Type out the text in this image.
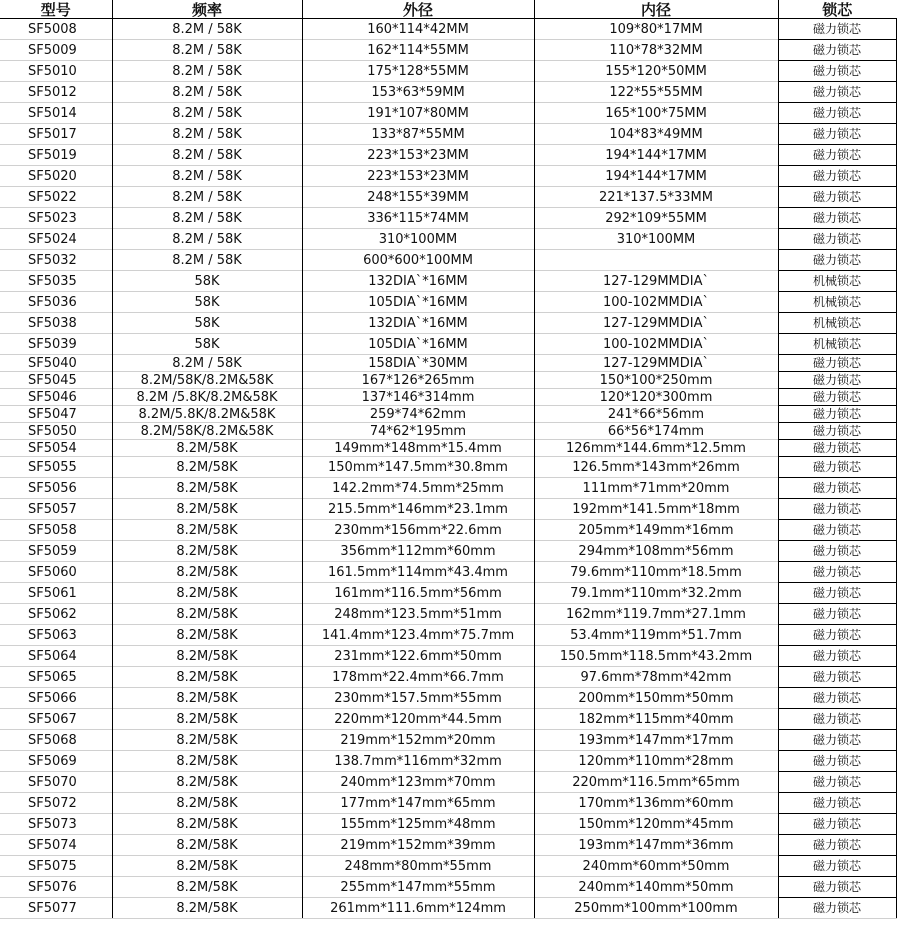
型号	频率	外径	内径	锁芯
SF5008	8.2M / 58K	160*114*42MM	109*80*17MM	磁力锁芯
SF5009	8.2M / 58K	162*114*55MM	110*78*32MM	磁力锁芯
SF5010	8.2M / 58K	175*128*55MM	155*120*50MM	磁力锁芯
SF5012	8.2M / 58K	153*63*59MM	122*55*55MM	磁力锁芯
SF5014	8.2M / 58K	191*107*80MM	165*100*75MM	磁力锁芯
SF5017	8.2M / 58K	133*87*55MM	104*83*49MM	磁力锁芯
SF5019	8.2M / 58K	223*153*23MM	194*144*17MM	磁力锁芯
SF5020	8.2M / 58K	223*153*23MM	194*144*17MM	磁力锁芯
SF5022	8.2M / 58K	248*155*39MM	221*137.5*33MM	磁力锁芯
SF5023	8.2M / 58K	336*115*74MM	292*109*55MM	磁力锁芯
SF5024	8.2M / 58K	310*100MM	310*100MM	磁力锁芯
SF5032	8.2M / 58K	600*600*100MM		磁力锁芯
SF5035	58K	132DIA`*16MM	127-129MMDIA`	机械锁芯
SF5036	58K	105DIA`*16MM	100-102MMDIA`	机械锁芯
SF5038	58K	132DIA`*16MM	127-129MMDIA`	机械锁芯
SF5039	58K	105DIA`*16MM	100-102MMDIA`	机械锁芯
SF5040	8.2M / 58K	158DIA`*30MM	127-129MMDIA`	磁力锁芯
SF5045	8.2M/58K/8.2M&58K	167*126*265mm	150*100*250mm	磁力锁芯
SF5046	8.2M /5.8K/8.2M&58K	137*146*314mm	120*120*300mm	磁力锁芯
SF5047	8.2M/5.8K/8.2M&58K	259*74*62mm	241*66*56mm	磁力锁芯
SF5050	8.2M/58K/8.2M&58K	74*62*195mm	66*56*174mm	磁力锁芯
SF5054	8.2M/58K	149mm*148mm*15.4mm	126mm*144.6mm*12.5mm	磁力锁芯
SF5055	8.2M/58K	150mm*147.5mm*30.8mm	126.5mm*143mm*26mm	磁力锁芯
SF5056	8.2M/58K	142.2mm*74.5mm*25mm	111mm*71mm*20mm	磁力锁芯
SF5057	8.2M/58K	215.5mm*146mm*23.1mm	192mm*141.5mm*18mm	磁力锁芯
SF5058	8.2M/58K	230mm*156mm*22.6mm	205mm*149mm*16mm	磁力锁芯
SF5059	8.2M/58K	356mm*112mm*60mm	294mm*108mm*56mm	磁力锁芯
SF5060	8.2M/58K	161.5mm*114mm*43.4mm	79.6mm*110mm*18.5mm	磁力锁芯
SF5061	8.2M/58K	161mm*116.5mm*56mm	79.1mm*110mm*32.2mm	磁力锁芯
SF5062	8.2M/58K	248mm*123.5mm*51mm	162mm*119.7mm*27.1mm	磁力锁芯
SF5063	8.2M/58K	141.4mm*123.4mm*75.7mm	53.4mm*119mm*51.7mm	磁力锁芯
SF5064	8.2M/58K	231mm*122.6mm*50mm	150.5mm*118.5mm*43.2mm	磁力锁芯
SF5065	8.2M/58K	178mm*22.4mm*66.7mm	97.6mm*78mm*42mm	磁力锁芯
SF5066	8.2M/58K	230mm*157.5mm*55mm	200mm*150mm*50mm	磁力锁芯
SF5067	8.2M/58K	220mm*120mm*44.5mm	182mm*115mm*40mm	磁力锁芯
SF5068	8.2M/58K	219mm*152mm*20mm	193mm*147mm*17mm	磁力锁芯
SF5069	8.2M/58K	138.7mm*116mm*32mm	120mm*110mm*28mm	磁力锁芯
SF5070	8.2M/58K	240mm*123mm*70mm	220mm*116.5mm*65mm	磁力锁芯
SF5072	8.2M/58K	177mm*147mm*65mm	170mm*136mm*60mm	磁力锁芯
SF5073	8.2M/58K	155mm*125mm*48mm	150mm*120mm*45mm	磁力锁芯
SF5074	8.2M/58K	219mm*152mm*39mm	193mm*147mm*36mm	磁力锁芯
SF5075	8.2M/58K	248mm*80mm*55mm	240mm*60mm*50mm	磁力锁芯
SF5076	8.2M/58K	255mm*147mm*55mm	240mm*140mm*50mm	磁力锁芯
SF5077	8.2M/58K	261mm*111.6mm*124mm	250mm*100mm*100mm	磁力锁芯
